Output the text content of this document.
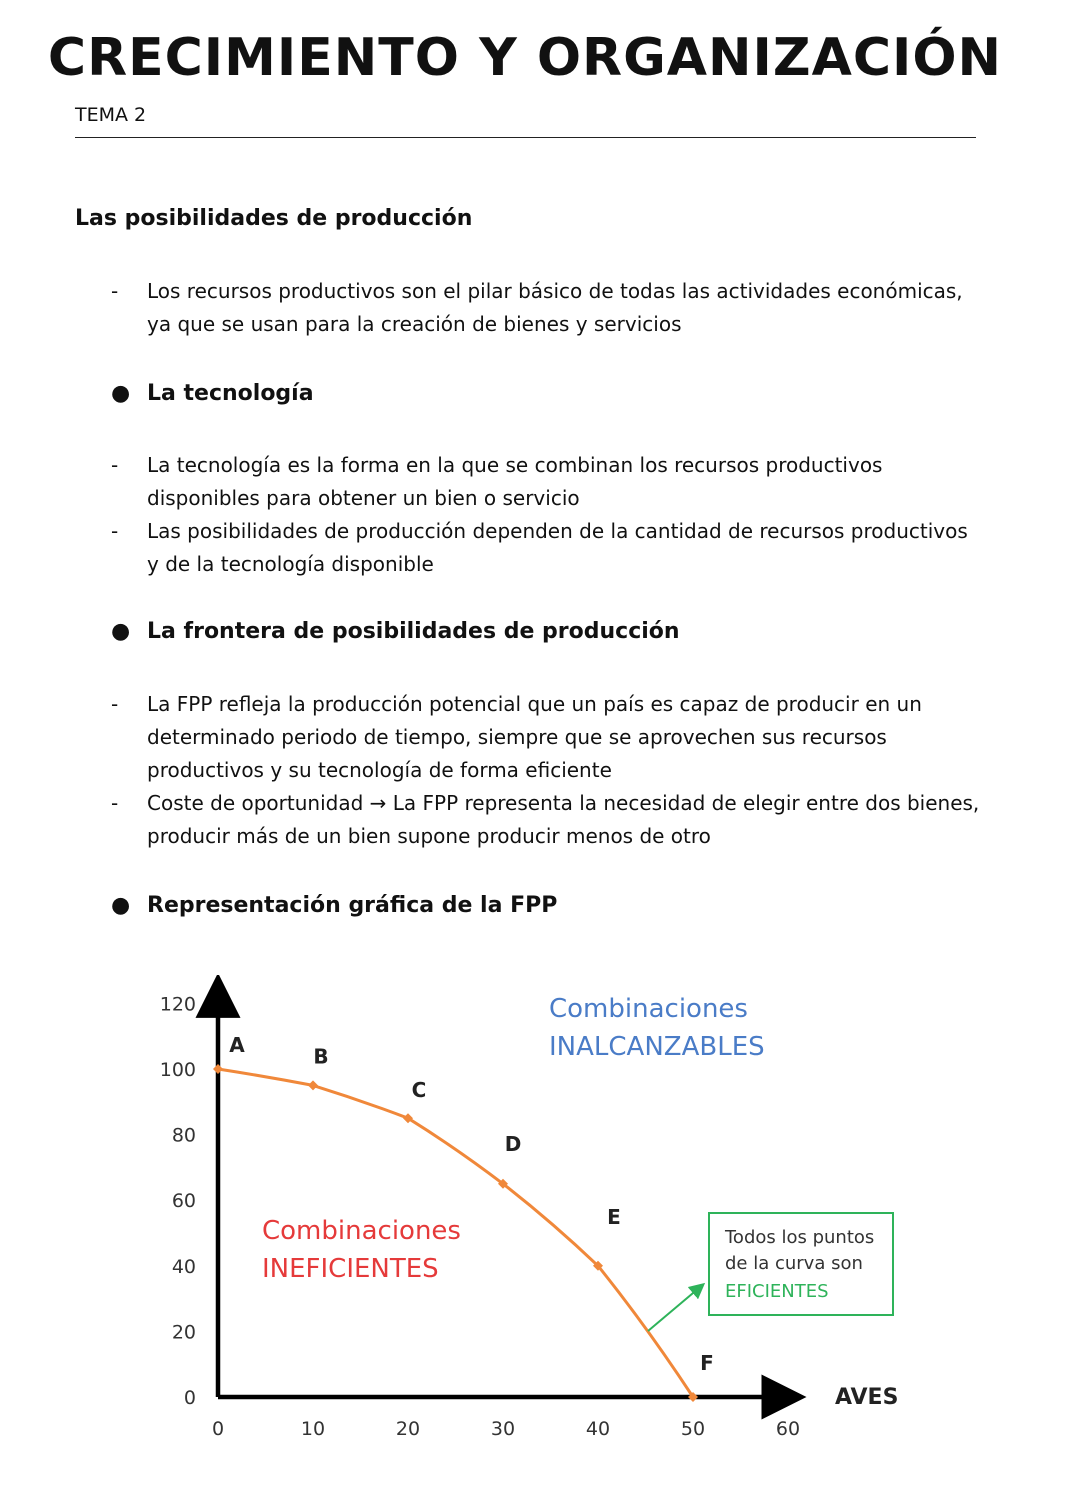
CRECIMIENTO Y ORGANIZACIÓN
TEMA 2
Las posibilidades de producción
- Los recursos productivos son el pilar básico de todas las actividades económicas, ya que se usan para la creación de bienes y servicios
● La tecnología
- La tecnología es la forma en la que se combinan los recursos productivos disponibles para obtener un bien o servicio
- Las posibilidades de producción dependen de la cantidad de recursos productivos y de la tecnología disponible
● La frontera de posibilidades de producción
- La FPP refleja la producción potencial que un país es capaz de producir en un determinado periodo de tiempo, siempre que se aprovechen sus recursos productivos y su tecnología de forma eficiente
- Coste de oportunidad → La FPP representa la necesidad de elegir entre dos bienes, producir más de un bien supone producir menos de otro
● Representación gráfica de la FPP
0	10	20	30	40	50	60
0
20
40
60
80
100
120
AVES
A	B
C
D
E
F
Combinaciones
INALCANZABLES
Combinaciones
INEFICIENTES
Todos los puntos
de la curva son
EFICIENTES
